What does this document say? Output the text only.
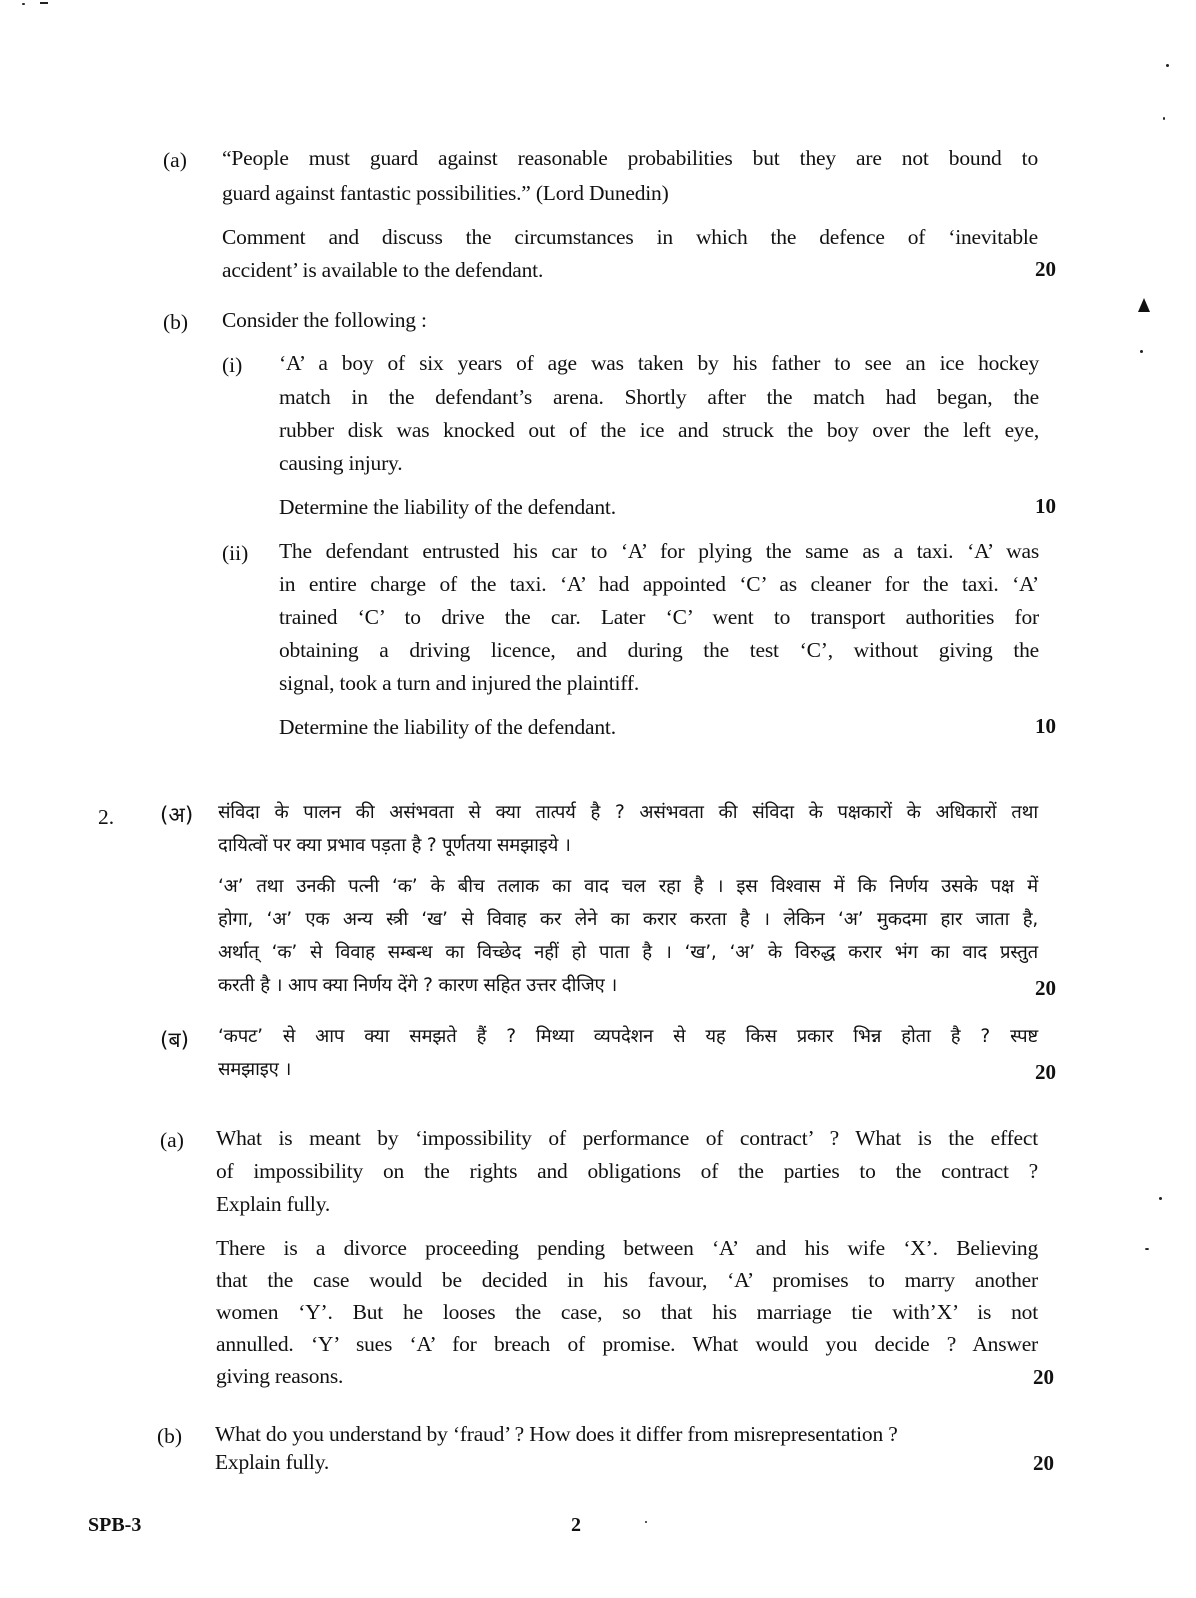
(a) “People must guard against reasonable probabilities but they are not bound to
guard against fantastic possibilities.” (Lord Dunedin)
Comment and discuss the circumstances in which the defence of ‘inevitable
accident’ is available to the defendant.	20
(b) Consider the following :
(i) ‘A’ a boy of six years of age was taken by his father to see an ice hockey
match in the defendant’s arena. Shortly after the match had began, the
rubber disk was knocked out of the ice and struck the boy over the left eye,
causing injury.
Determine the liability of the defendant.	10
(ii) The defendant entrusted his car to ‘A’ for plying the same as a taxi. ‘A’ was
in entire charge of the taxi. ‘A’ had appointed ‘C’ as cleaner for the taxi. ‘A’
trained ‘C’ to drive the car. Later ‘C’ went to transport authorities for
obtaining a driving licence, and during the test ‘C’, without giving the
signal, took a turn and injured the plaintiff.
Determine the liability of the defendant.	10
2. (अ) संविदा के पालन की असंभवता से क्या तात्पर्य है ? असंभवता की संविदा के पक्षकारों के अधिकारों तथा
दायित्वों पर क्या प्रभाव पड़ता है ? पूर्णतया समझाइये ।
‘अ’ तथा उनकी पत्नी ‘क’ के बीच तलाक का वाद चल रहा है । इस विश्वास में कि निर्णय उसके पक्ष में
होगा, ‘अ’ एक अन्य स्त्री ‘ख’ से विवाह कर लेने का करार करता है । लेकिन ‘अ’ मुकदमा हार जाता है,
अर्थात् ‘क’ से विवाह सम्बन्ध का विच्छेद नहीं हो पाता है । ‘ख’, ‘अ’ के विरुद्ध करार भंग का वाद प्रस्तुत
करती है । आप क्या निर्णय देंगे ? कारण सहित उत्तर दीजिए ।	20
(ब) ‘कपट’ से आप क्या समझते हैं ? मिथ्या व्यपदेशन से यह किस प्रकार भिन्न होता है ? स्पष्ट
समझाइए ।	20
(a) What is meant by ‘impossibility of performance of contract’ ? What is the effect
of impossibility on the rights and obligations of the parties to the contract ?
Explain fully.
There is a divorce proceeding pending between ‘A’ and his wife ‘X’. Believing
that the case would be decided in his favour, ‘A’ promises to marry another
women ‘Y’. But he looses the case, so that his marriage tie with’X’ is not
annulled. ‘Y’ sues ‘A’ for breach of promise. What would you decide ? Answer
giving reasons.	20
(b) What do you understand by ‘fraud’ ? How does it differ from misrepresentation ?
Explain fully.	20
SPB-3	2
